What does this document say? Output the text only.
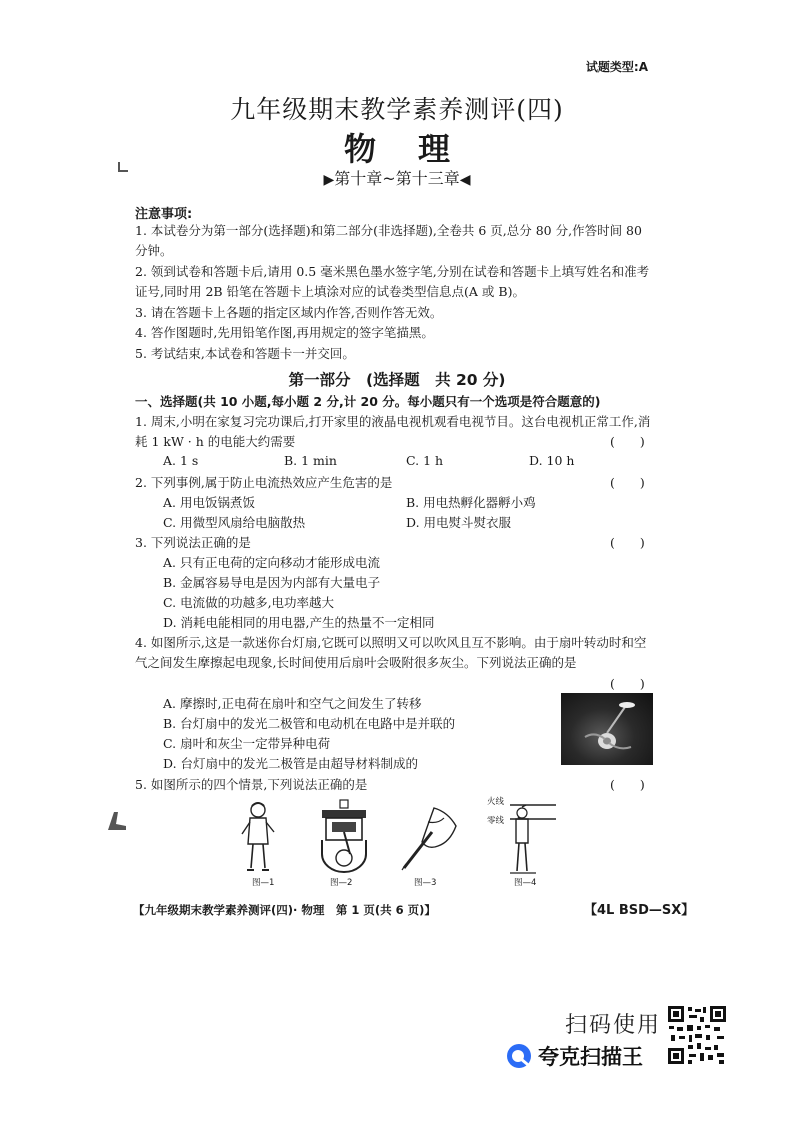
试题类型:A
九年级期末教学素养测评(四)
物理
▶第十章~第十三章◀
注意事项:
1. 本试卷分为第一部分(选择题)和第二部分(非选择题),全卷共 6 页,总分 80 分,作答时间 80 分钟。
2. 领到试卷和答题卡后,请用 0.5 毫米黑色墨水签字笔,分别在试卷和答题卡上填写姓名和准考证号,同时用 2B 铅笔在答题卡上填涂对应的试卷类型信息点(A 或 B)。
3. 请在答题卡上各题的指定区域内作答,否则作答无效。
4. 答作图题时,先用铅笔作图,再用规定的签字笔描黑。
5. 考试结束,本试卷和答题卡一并交回。
第一部分　(选择题　共 20 分)
一、选择题(共 10 小题,每小题 2 分,计 20 分。每小题只有一个选项是符合题意的)
1. 周末,小明在家复习完功课后,打开家里的液晶电视机观看电视节目。这台电视机正常工作,消耗 1 kW · h 的电能大约需要	(　　)
A. 1 s	B. 1 min	C. 1 h	D. 10 h
2. 下列事例,属于防止电流热效应产生危害的是	(　　)
A. 用电饭锅煮饭	B. 用电热孵化器孵小鸡
C. 用微型风扇给电脑散热	D. 用电熨斗熨衣服
3. 下列说法正确的是	(　　)
A. 只有正电荷的定向移动才能形成电流
B. 金属容易导电是因为内部有大量电子
C. 电流做的功越多,电功率越大
D. 消耗电能相同的用电器,产生的热量不一定相同
4. 如图所示,这是一款迷你台灯扇,它既可以照明又可以吹风且互不影响。由于扇叶转动时和空气之间发生摩擦起电现象,长时间使用后扇叶会吸附很多灰尘。下列说法正确的是
(　　)
A. 摩擦时,正电荷在扇叶和空气之间发生了转移
B. 台灯扇中的发光二极管和电动机在电路中是并联的
C. 扇叶和灰尘一定带异种电荷
D. 台灯扇中的发光二极管是由超导材料制成的
5. 如图所示的四个情景,下列说法正确的是	(　　)
图—1	图—2	图—3
火线
零线
图—4
【九年级期末教学素养测评(四)· 物理　第 1 页(共 6 页)】	【4L BSD—SX】
扫码使用
夸克扫描王
